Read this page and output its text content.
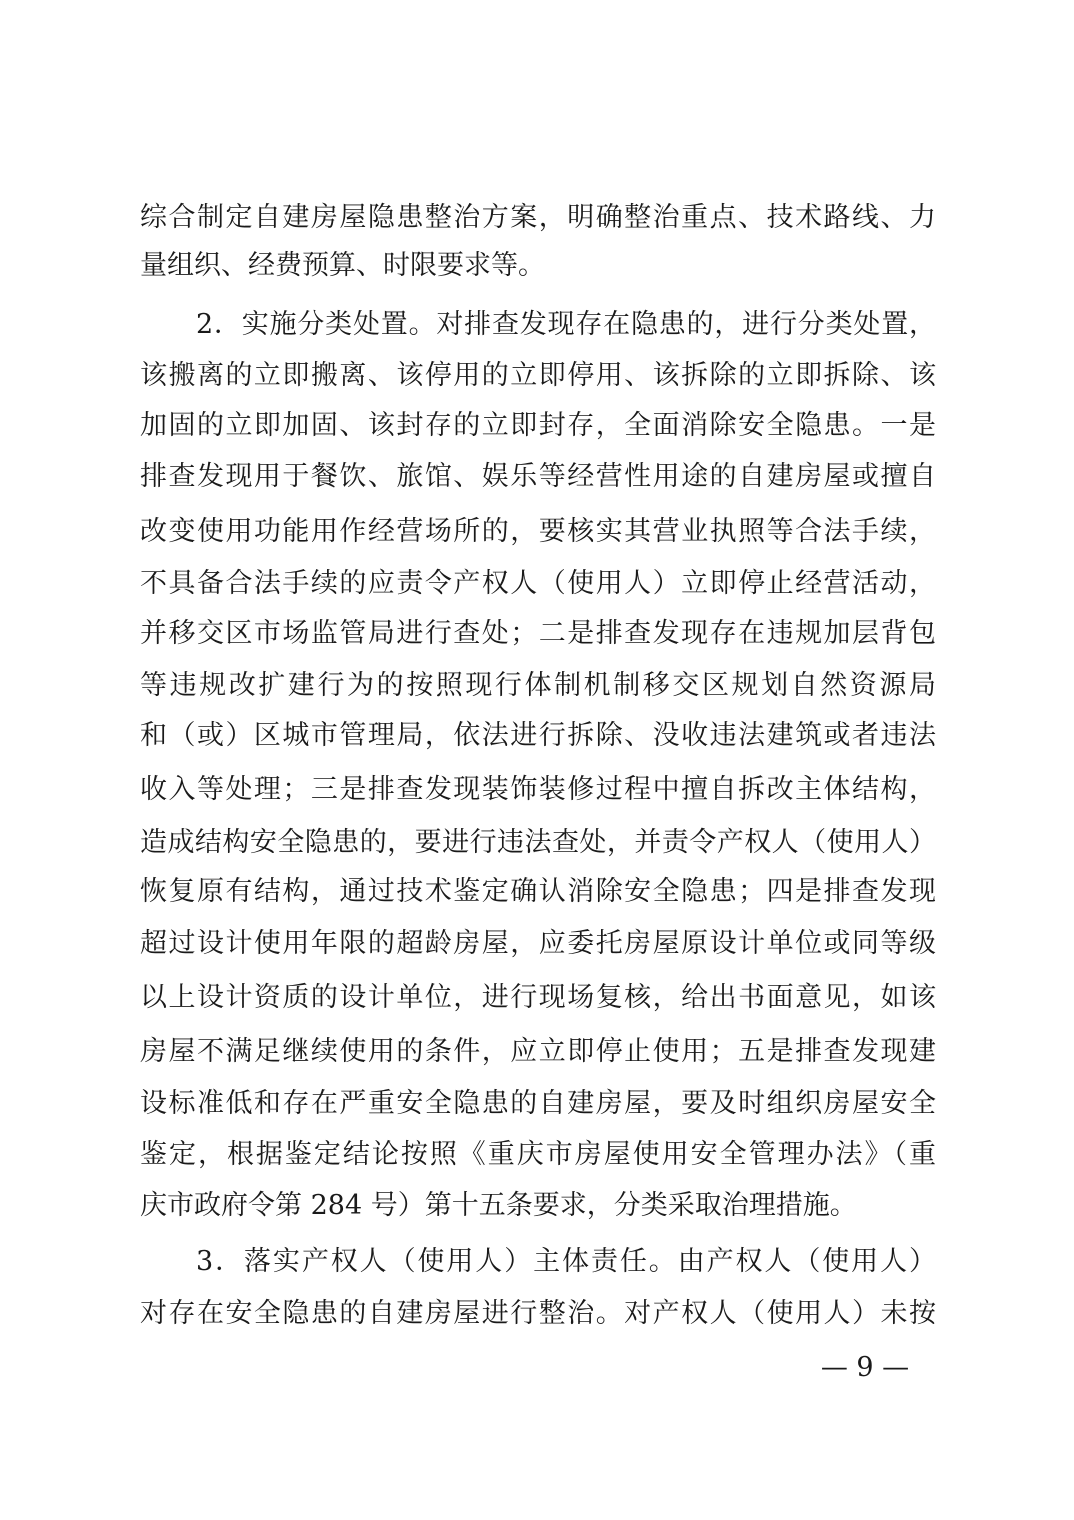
综合制定自建房屋隐患整治方案，明确整治重点、技术路线、力
量组织、经费预算、时限要求等。
2．实施分类处置。对排查发现存在隐患的，进行分类处置，
该搬离的立即搬离、该停用的立即停用、该拆除的立即拆除、该
加固的立即加固、该封存的立即封存，全面消除安全隐患。一是
排查发现用于餐饮、旅馆、娱乐等经营性用途的自建房屋或擅自
改变使用功能用作经营场所的，要核实其营业执照等合法手续，
不具备合法手续的应责令产权人（使用人）立即停止经营活动，
并移交区市场监管局进行查处；二是排查发现存在违规加层背包
等违规改扩建行为的按照现行体制机制移交区规划自然资源局
和（或）区城市管理局，依法进行拆除、没收违法建筑或者违法
收入等处理；三是排查发现装饰装修过程中擅自拆改主体结构，
造成结构安全隐患的，要进行违法查处，并责令产权人（使用人）
恢复原有结构，通过技术鉴定确认消除安全隐患；四是排查发现
超过设计使用年限的超龄房屋，应委托房屋原设计单位或同等级
以上设计资质的设计单位，进行现场复核，给出书面意见，如该
房屋不满足继续使用的条件，应立即停止使用；五是排查发现建
设标准低和存在严重安全隐患的自建房屋，要及时组织房屋安全
鉴定，根据鉴定结论按照《重庆市房屋使用安全管理办法》（重
庆市政府令第 284 号）第十五条要求，分类采取治理措施。
3．落实产权人（使用人）主体责任。由产权人（使用人）
对存在安全隐患的自建房屋进行整治。对产权人（使用人）未按
— 9 —
